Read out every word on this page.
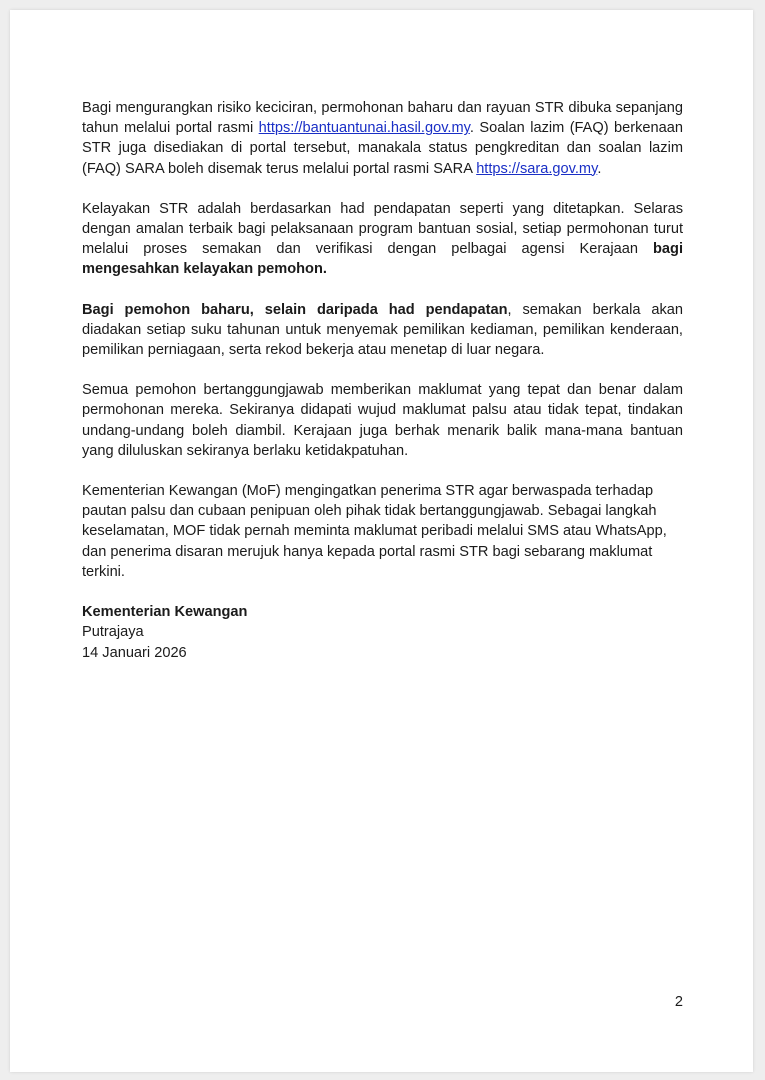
Bagi mengurangkan risiko keciciran, permohonan baharu dan rayuan STR dibuka sepanjang tahun melalui portal rasmi https://bantuantunai.hasil.gov.my. Soalan lazim (FAQ) berkenaan STR juga disediakan di portal tersebut, manakala status pengkreditan dan soalan lazim (FAQ) SARA boleh disemak terus melalui portal rasmi SARA https://sara.gov.my.

Kelayakan STR adalah berdasarkan had pendapatan seperti yang ditetapkan. Selaras dengan amalan terbaik bagi pelaksanaan program bantuan sosial, setiap permohonan turut melalui proses semakan dan verifikasi dengan pelbagai agensi Kerajaan bagi mengesahkan kelayakan pemohon.

Bagi pemohon baharu, selain daripada had pendapatan, semakan berkala akan diadakan setiap suku tahunan untuk menyemak pemilikan kediaman, pemilikan kenderaan, pemilikan perniagaan, serta rekod bekerja atau menetap di luar negara.

Semua pemohon bertanggungjawab memberikan maklumat yang tepat dan benar dalam permohonan mereka. Sekiranya didapati wujud maklumat palsu atau tidak tepat, tindakan undang-undang boleh diambil. Kerajaan juga berhak menarik balik mana-mana bantuan yang diluluskan sekiranya berlaku ketidakpatuhan.

Kementerian Kewangan (MoF) mengingatkan penerima STR agar berwaspada terhadap pautan palsu dan cubaan penipuan oleh pihak tidak bertanggungjawab. Sebagai langkah keselamatan, MOF tidak pernah meminta maklumat peribadi melalui SMS atau WhatsApp, dan penerima disaran merujuk hanya kepada portal rasmi STR bagi sebarang maklumat terkini.

Kementerian Kewangan
Putrajaya
14 Januari 2026
2
